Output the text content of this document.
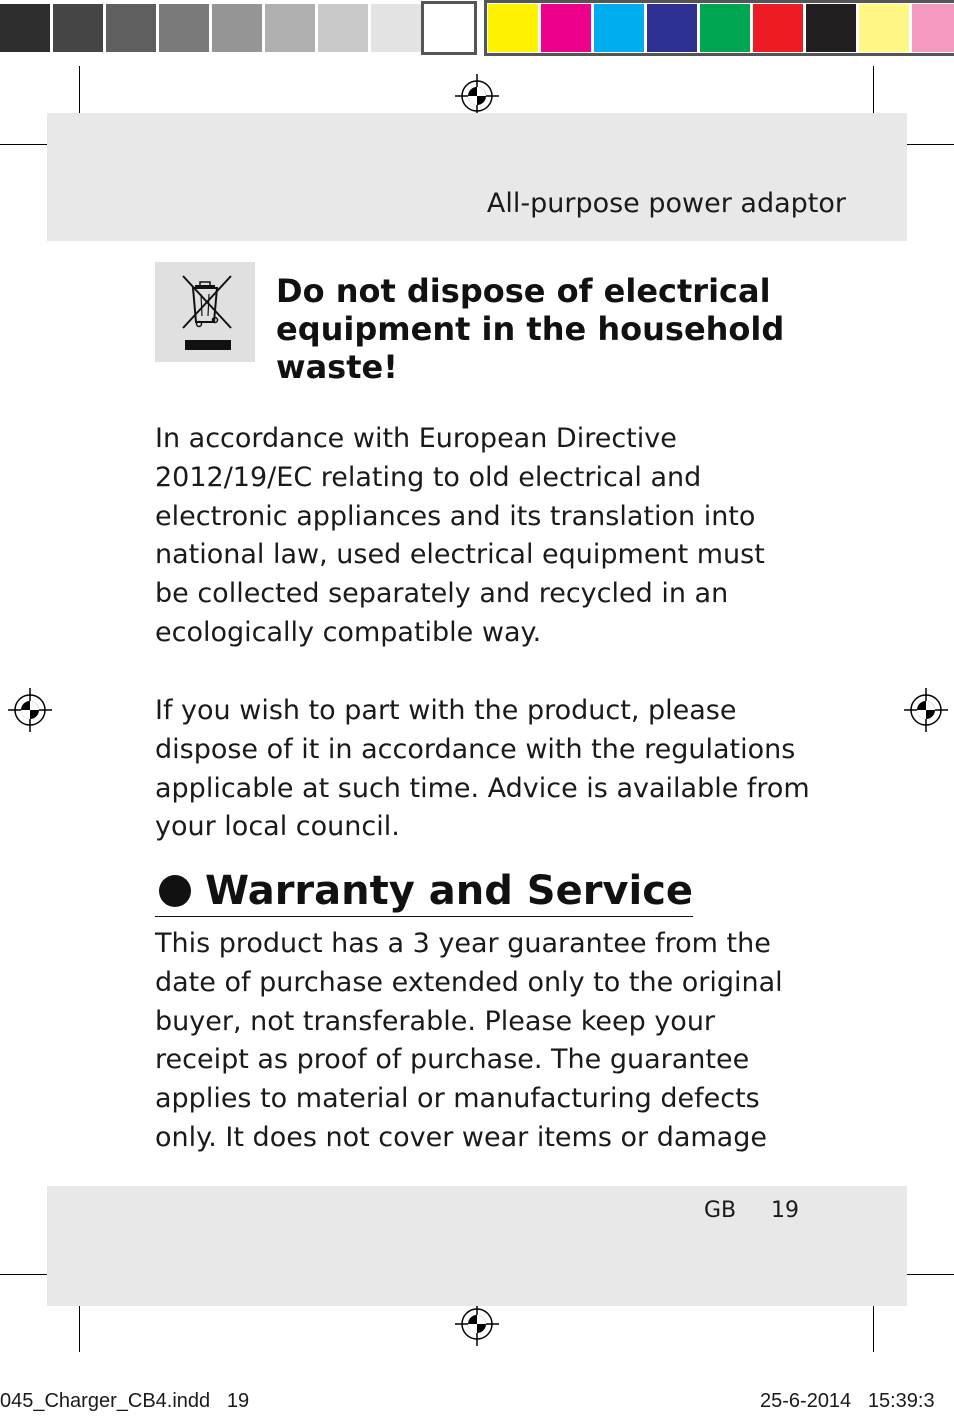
All-purpose power adaptor
Do not dispose of electrical
equipment in the household
waste!
In accordance with European Directive
2012/19/EC relating to old electrical and
electronic appliances and its translation into
national law, used electrical equipment must
be collected separately and recycled in an
ecologically compatible way.
If you wish to part with the product, please
dispose of it in accordance with the regulations
applicable at such time. Advice is available from
your local council.
Warranty and Service
This product has a 3 year guarantee from the
date of purchase extended only to the original
buyer, not transferable. Please keep your
receipt as proof of purchase. The guarantee
applies to material or manufacturing defects
only. It does not cover wear items or damage
GB 19
045_Charger_CB4.indd 19	25-6-2014 15:39:3
